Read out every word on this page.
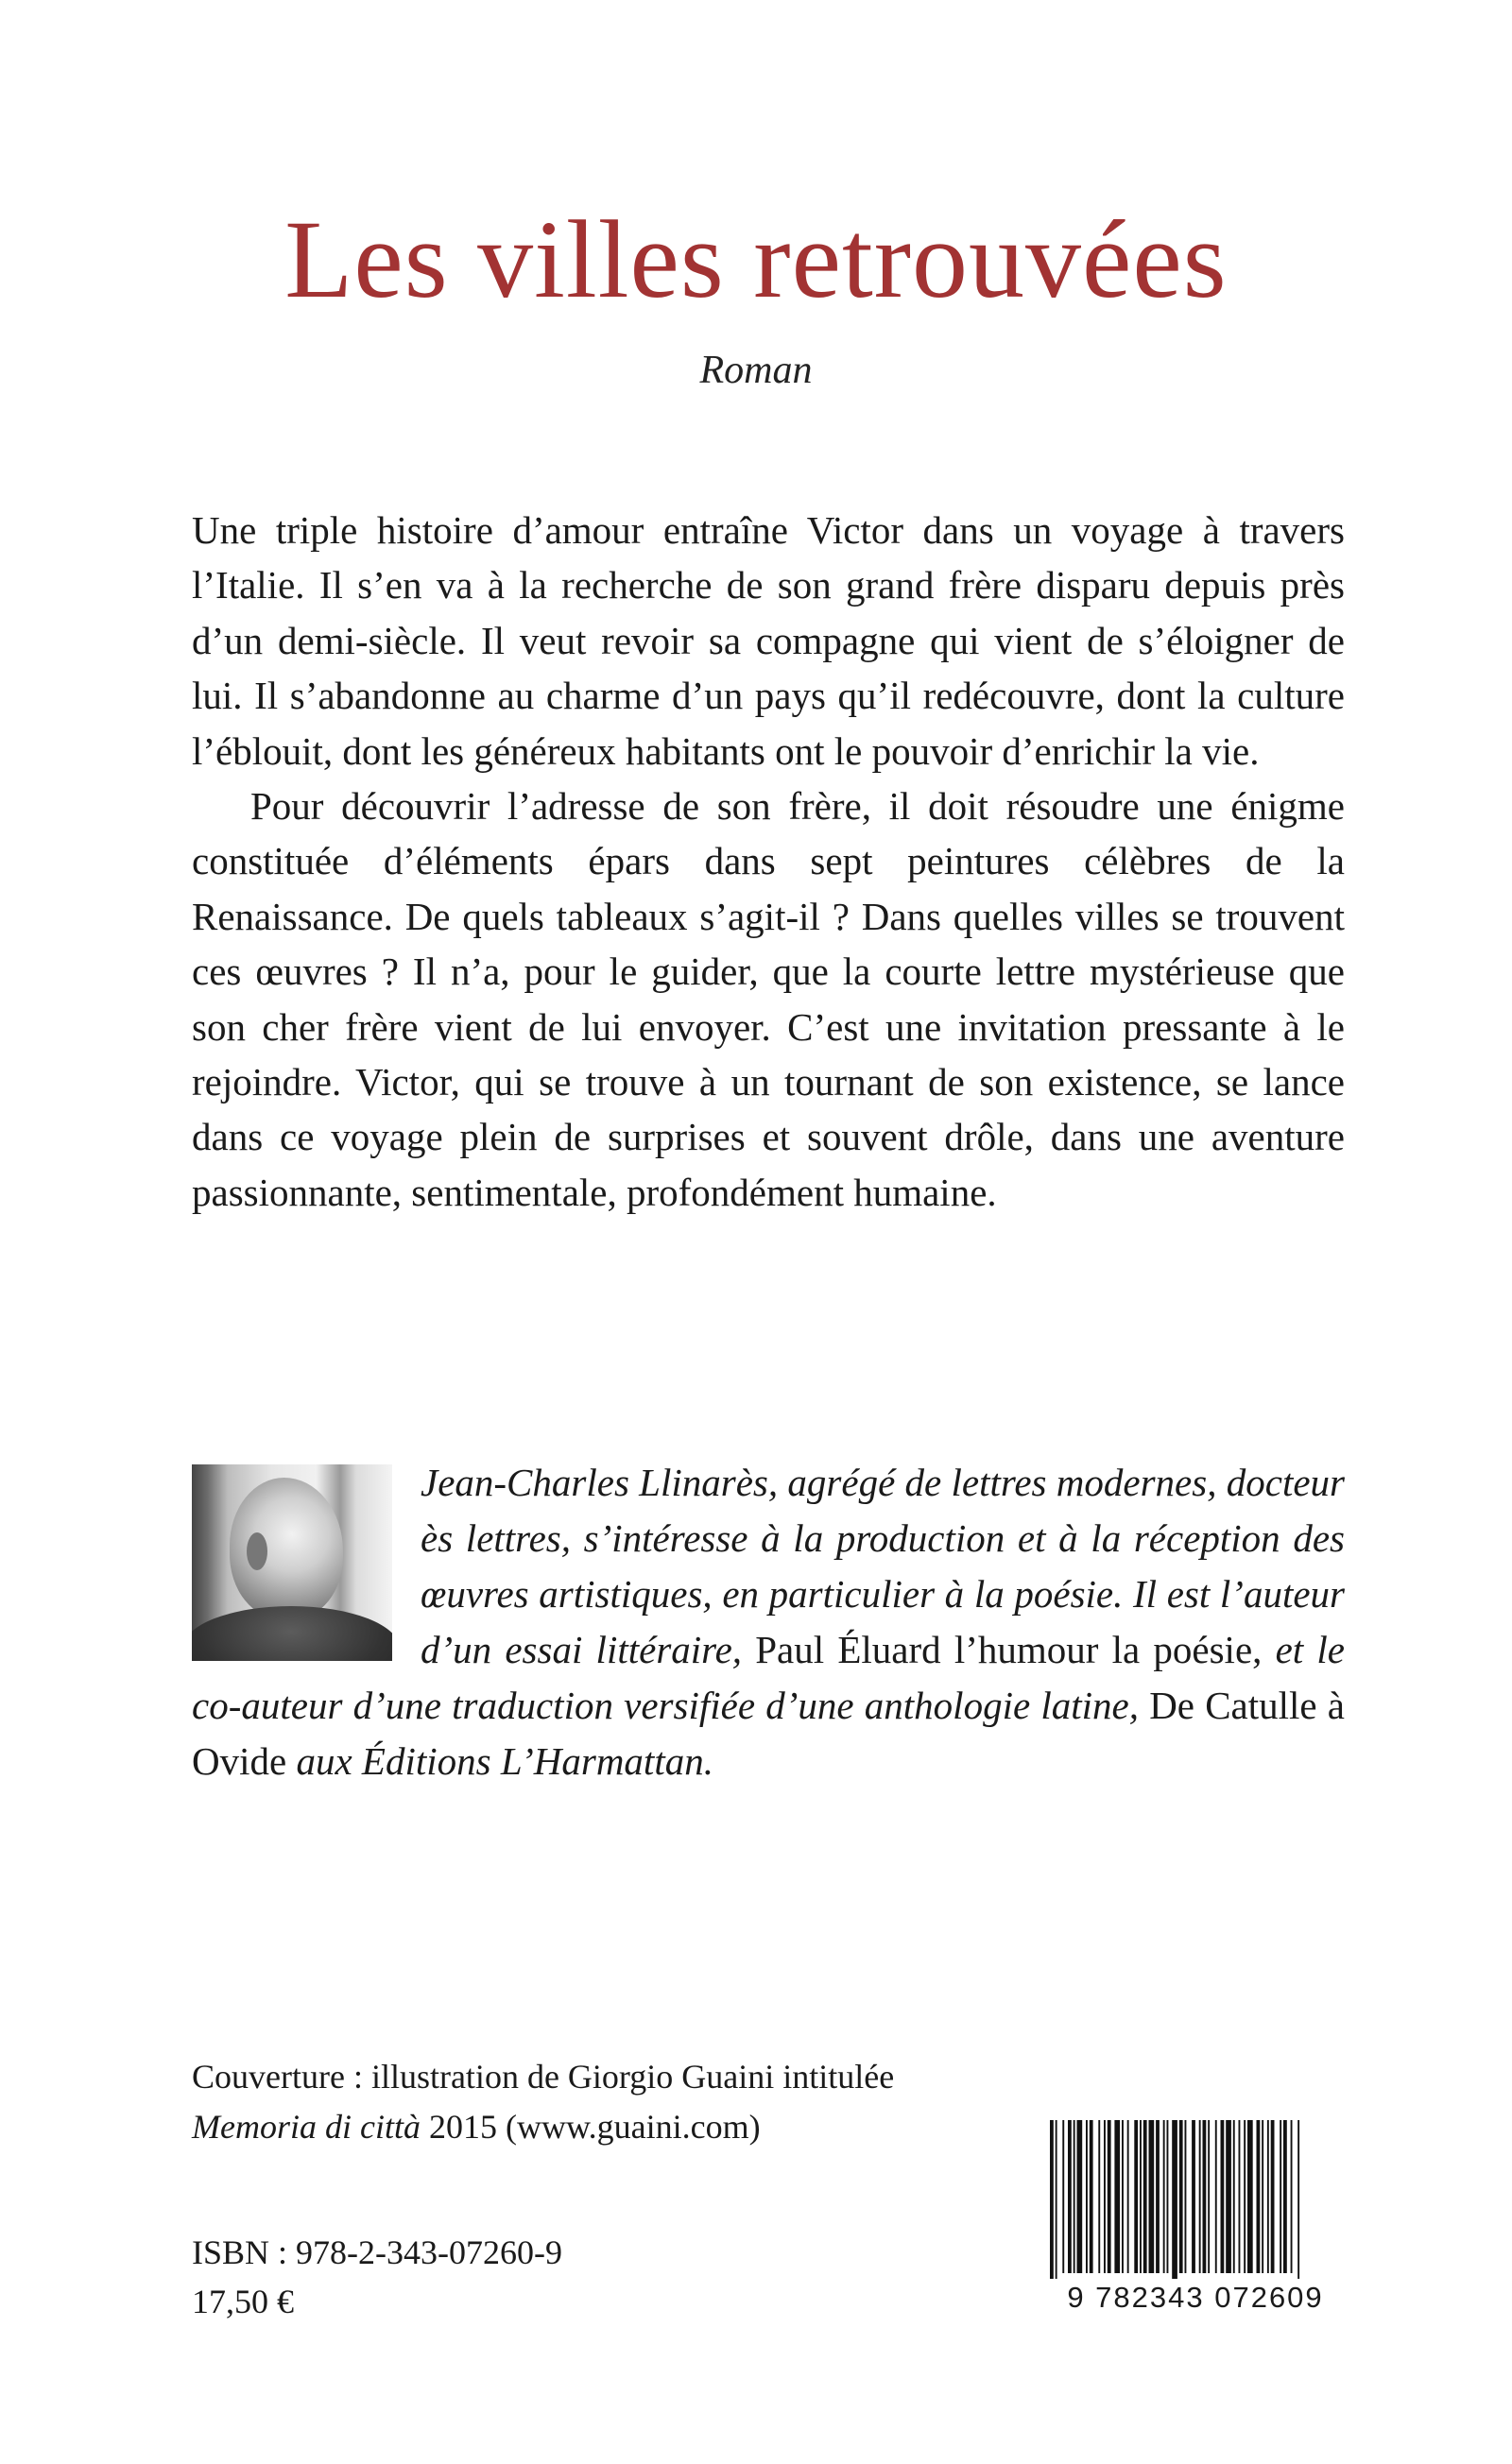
Les villes retrouvées
Roman

Une triple histoire d’amour entraîne Victor dans un voyage à travers l’Italie. Il s’en va à la recherche de son grand frère disparu depuis près d’un demi-siècle. Il veut revoir sa compagne qui vient de s’éloigner de lui. Il s’abandonne au charme d’un pays qu’il redécouvre, dont la culture l’éblouit, dont les généreux habitants ont le pouvoir d’enrichir la vie.

Pour découvrir l’adresse de son frère, il doit résoudre une énigme constituée d’éléments épars dans sept peintures célèbres de la Renaissance. De quels tableaux s’agit-il ? Dans quelles villes se trouvent ces œuvres ? Il n’a, pour le guider, que la courte lettre mystérieuse que son cher frère vient de lui envoyer. C’est une invitation pressante à le rejoindre. Victor, qui se trouve à un tournant de son existence, se lance dans ce voyage plein de surprises et souvent drôle, dans une aventure passionnante, sentimentale, profondément humaine.

Jean-Charles Llinarès, agrégé de lettres modernes, docteur ès lettres, s’intéresse à la production et à la réception des œuvres artistiques, en particulier à la poésie. Il est l’auteur d’un essai littéraire, Paul Éluard l’humour la poésie, et le co-auteur d’une traduction versifiée d’une anthologie latine, De Catulle à Ovide aux Éditions L’Harmattan.

Couverture : illustration de Giorgio Guaini intitulée

Memoria di città 2015 (www.guaini.com)

ISBN : 978-2-343-07260-9

17,50 €	9 782343 072609
